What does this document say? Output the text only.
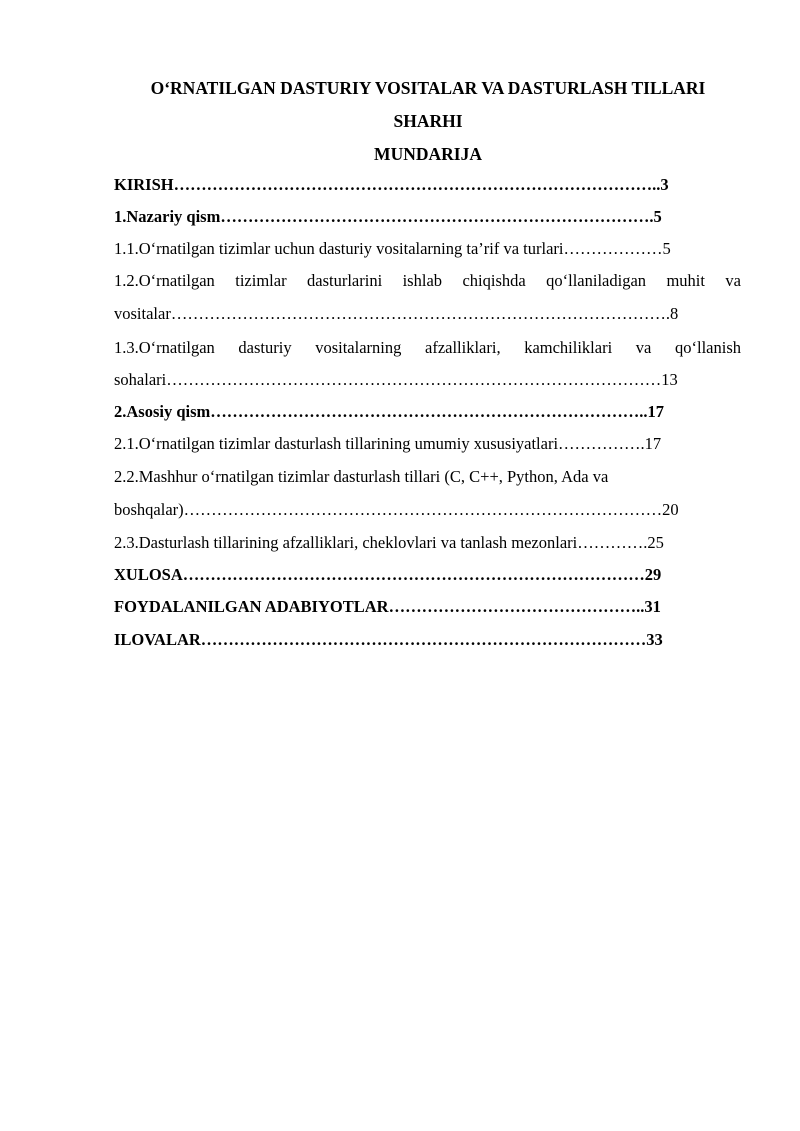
O‘RNATILGAN DASTURIY VOSITALAR VA DASTURLASH TILLARI
SHARHI
MUNDARIJA
KIRISH……………………………………………………………………………..3
1.Nazariy qism…………………………………………………………………….5
1.1.O‘rnatilgan tizimlar uchun dasturiy vositalarning ta’rif va turlari………………5
1.2.O‘rnatilgan tizimlar dasturlarini ishlab chiqishda qo‘llaniladigan muhit va
vositalar……………………………………………………………………………….8
1.3.O‘rnatilgan dasturiy vositalarning afzalliklari, kamchiliklari va qo‘llanish
sohalari………………………………………………………………………………13
2.Asosiy qism……………………………………………………………………..17
2.1.O‘rnatilgan tizimlar dasturlash tillarining umumiy xususiyatlari…………….17
2.2.Mashhur o‘rnatilgan tizimlar dasturlash tillari (C, C++, Python, Ada va
boshqalar)……………………………………………………………………………20
2.3.Dasturlash tillarining afzalliklari, cheklovlari va tanlash mezonlari………….25
XULOSA…………………………………………………………………………29
FOYDALANILGAN ADABIYOTLAR………………………………………..31
ILOVALAR………………………………………………………………………33
